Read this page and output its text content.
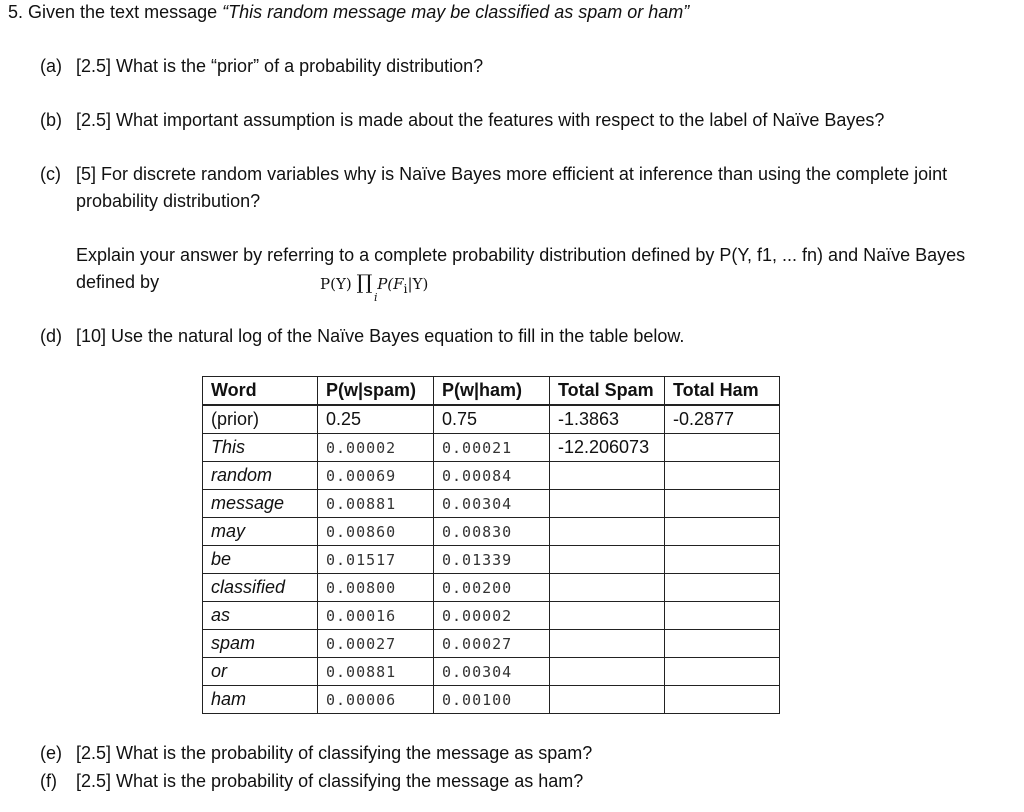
5. Given the text message “This random message may be classified as spam or ham”
(a) [2.5] What is the “prior” of a probability distribution?
(b) [2.5] What important assumption is made about the features with respect to the label of Naïve Bayes?
(c) [5] For discrete random variables why is Naïve Bayes more efficient at inference than using the complete joint
probability distribution?
Explain your answer by referring to a complete probability distribution defined by P(Y, f1, ... fn) and Naïve Bayes
defined by	P(Y) ∏ $P(F_i|Y)$
i
(d) [10] Use the natural log of the Naïve Bayes equation to fill in the table below.
Word	P(w|spam)	P(w|ham)	Total Spam	Total Ham
(prior)	0.25	0.75	-1.3863	-0.2877
This	0.00002	0.00021	-12.206073	
random	0.00069	0.00084		
message	0.00881	0.00304		
may	0.00860	0.00830		
be	0.01517	0.01339		
classified	0.00800	0.00200		
as	0.00016	0.00002		
spam	0.00027	0.00027		
or	0.00881	0.00304		
ham	0.00006	0.00100		
(e) [2.5] What is the probability of classifying the message as spam?
(f) [2.5] What is the probability of classifying the message as ham?
